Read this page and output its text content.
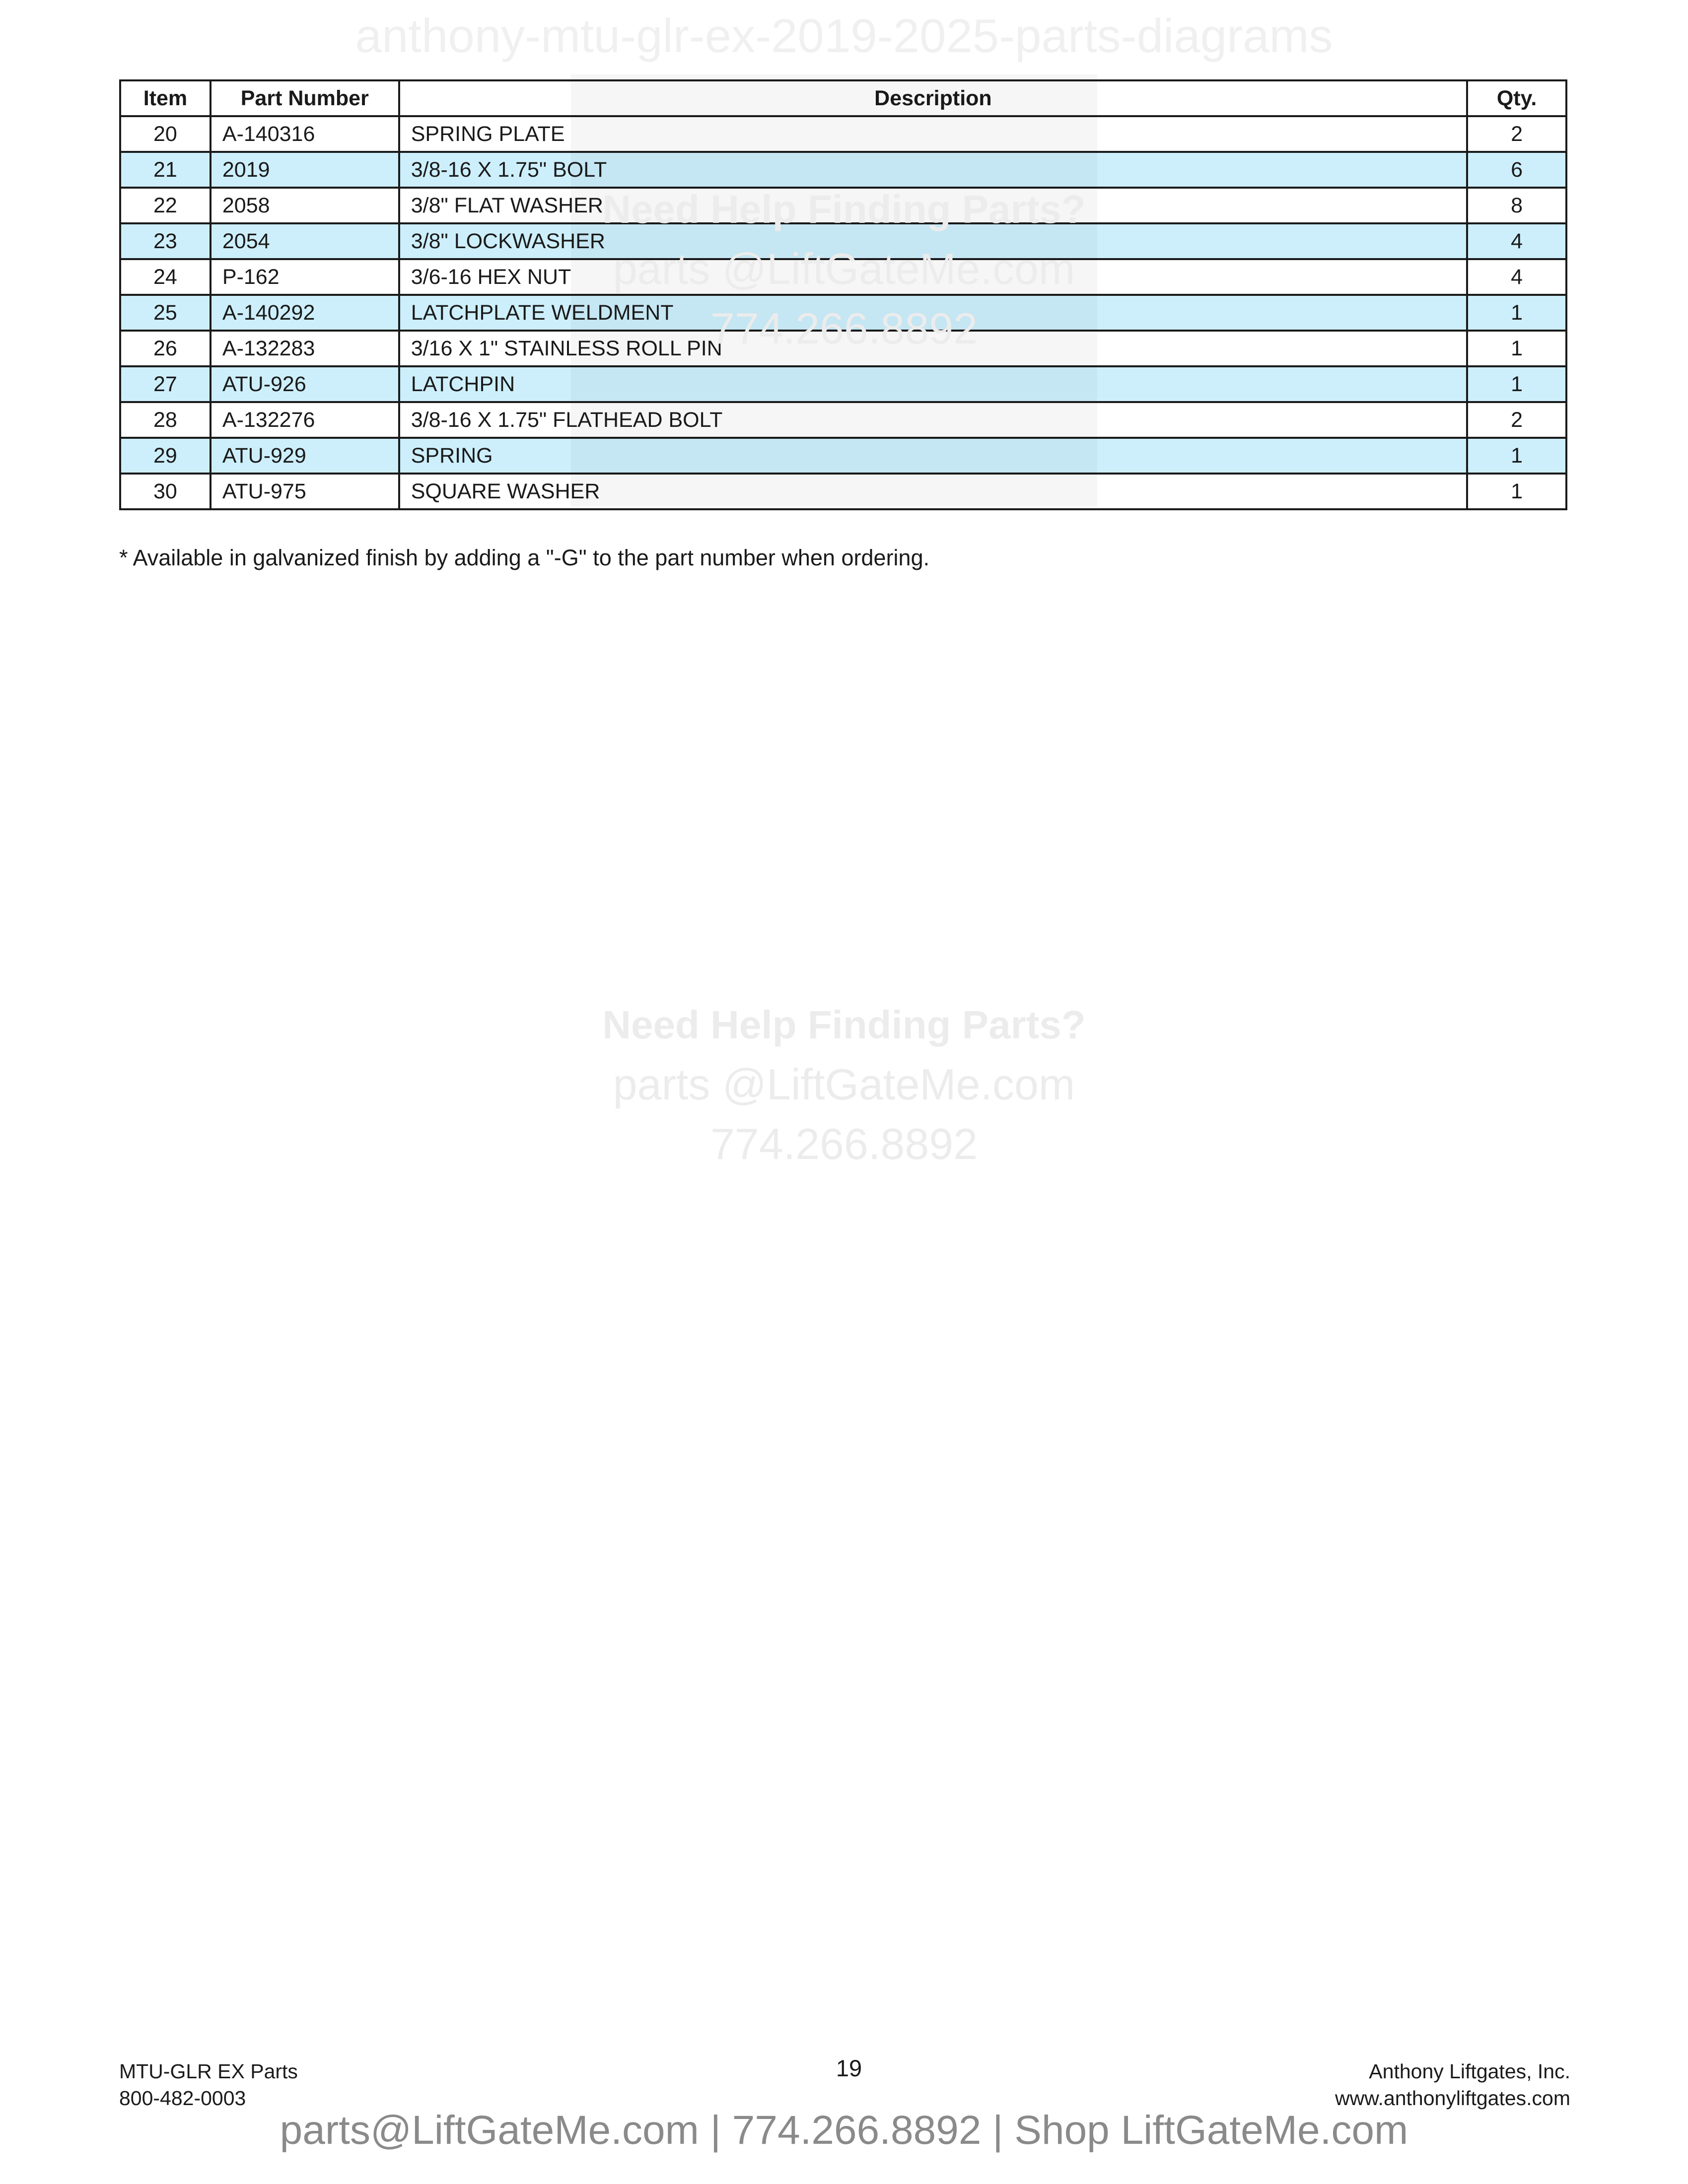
anthony-mtu-glr-ex-2019-2025-parts-diagrams
Need Help Finding Parts?
parts @LiftGateMe.com
774.266.8892
Item	Part Number	Description	Qty.
20	A-140316	SPRING PLATE	2
21	2019	3/8-16 X 1.75" BOLT	6
22	2058	3/8" FLAT WASHER	8
23	2054	3/8" LOCKWASHER	4
24	P-162	3/6-16 HEX NUT	4
25	A-140292	LATCHPLATE WELDMENT	1
26	A-132283	3/16 X 1" STAINLESS ROLL PIN	1
27	ATU-926	LATCHPIN	1
28	A-132276	3/8-16 X 1.75" FLATHEAD BOLT	2
29	ATU-929	SPRING	1
30	ATU-975	SQUARE WASHER	1
* Available in galvanized finish by adding a "-G" to the part number when ordering.
Need Help Finding Parts?
parts @LiftGateMe.com
774.266.8892
MTU-GLR EX Parts
800-482-0003
19	Anthony Liftgates, Inc.
www.anthonyliftgates.com
parts@LiftGateMe.com | 774.266.8892 | Shop LiftGateMe.com
